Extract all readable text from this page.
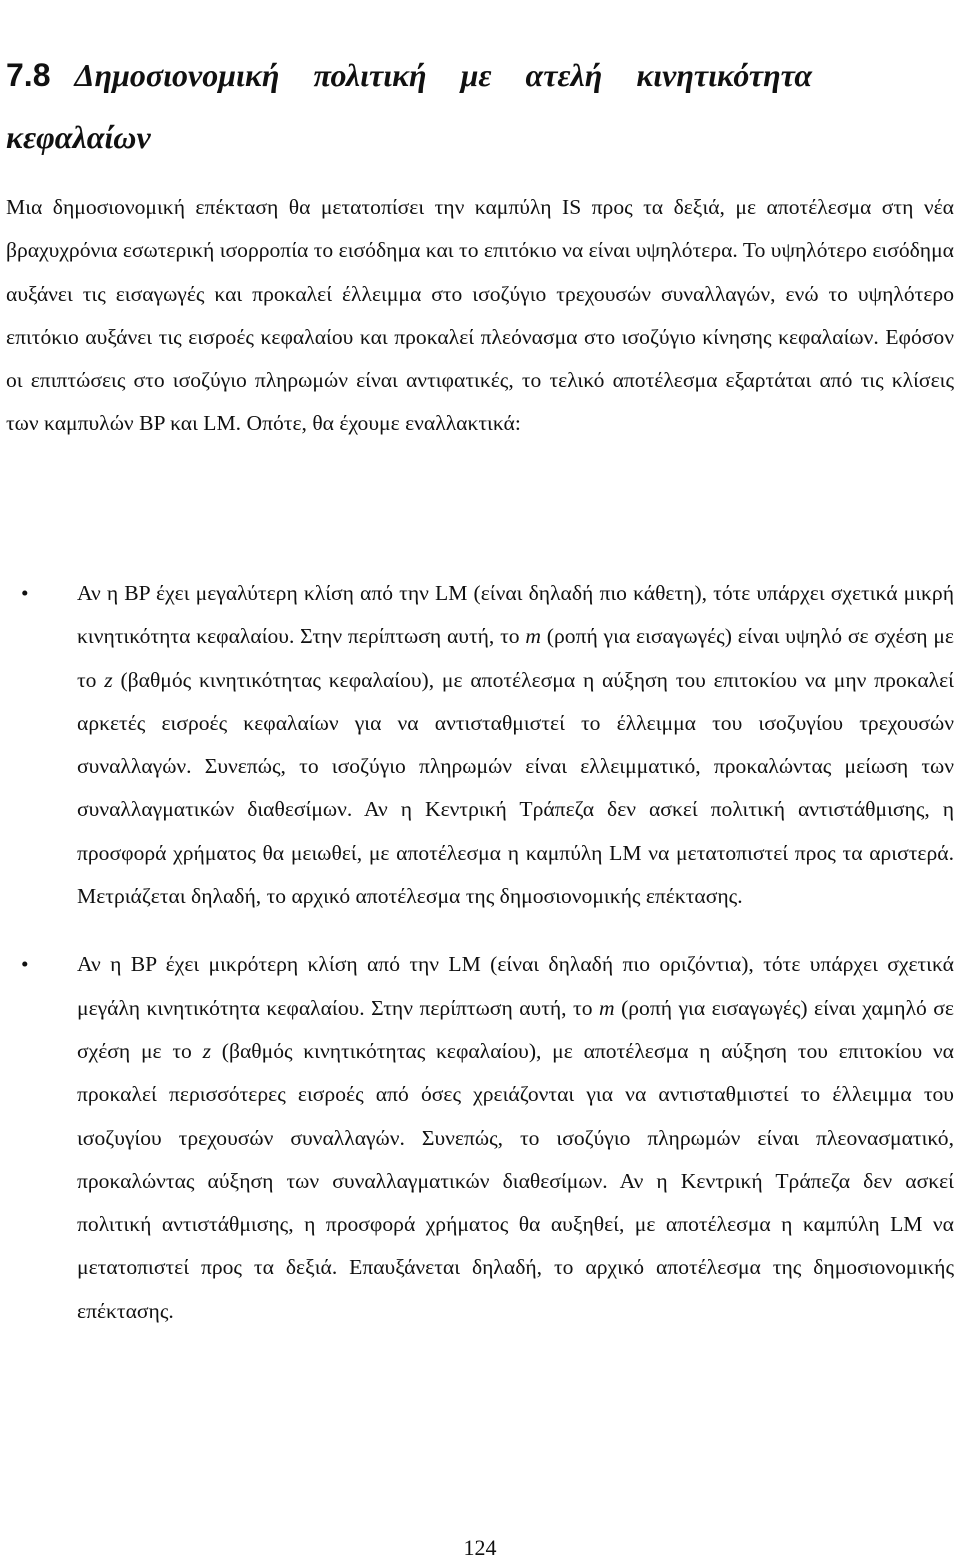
7.8 Δημοσιονομική πολιτική με ατελή κινητικότητα κεφαλαίων

Μια δημοσιονομική επέκταση θα μετατοπίσει την καμπύλη IS προς τα δεξιά, με αποτέλεσμα στη νέα βραχυχρόνια εσωτερική ισορροπία το εισόδημα και το επιτόκιο να είναι υψηλότερα. Το υψηλότερο εισόδημα αυξάνει τις εισαγωγές και προκαλεί έλλειμμα στο ισοζύγιο τρεχουσών συναλλαγών, ενώ το υψηλότερο επιτόκιο αυξάνει τις εισροές κεφαλαίου και προκαλεί πλεόνασμα στο ισοζύγιο κίνησης κεφαλαίων. Εφόσον οι επιπτώσεις στο ισοζύγιο πληρωμών είναι αντιφατικές, το τελικό αποτέλεσμα εξαρτάται από τις κλίσεις των καμπυλών BP και LM. Οπότε, θα έχουμε εναλλακτικά:

• Αν η BP έχει μεγαλύτερη κλίση από την LM (είναι δηλαδή πιο κάθετη), τότε υπάρχει σχετικά μικρή κινητικότητα κεφαλαίου. Στην περίπτωση αυτή, το m (ροπή για εισαγωγές) είναι υψηλό σε σχέση με το z (βαθμός κινητικότητας κεφαλαίου), με αποτέλεσμα η αύξηση του επιτοκίου να μην προκαλεί αρκετές εισροές κεφαλαίων για να αντισταθμιστεί το έλλειμμα του ισοζυγίου τρεχουσών συναλλαγών. Συνεπώς, το ισοζύγιο πληρωμών είναι ελλειμματικό, προκαλώντας μείωση των συναλλαγματικών διαθεσίμων. Αν η Κεντρική Τράπεζα δεν ασκεί πολιτική αντιστάθμισης, η προσφορά χρήματος θα μειωθεί, με αποτέλεσμα η καμπύλη LM να μετατοπιστεί προς τα αριστερά. Μετριάζεται δηλαδή, το αρχικό αποτέλεσμα της δημοσιονομικής επέκτασης.
• Αν η BP έχει μικρότερη κλίση από την LM (είναι δηλαδή πιο οριζόντια), τότε υπάρχει σχετικά μεγάλη κινητικότητα κεφαλαίου. Στην περίπτωση αυτή, το m (ροπή για εισαγωγές) είναι χαμηλό σε σχέση με το z (βαθμός κινητικότητας κεφαλαίου), με αποτέλεσμα η αύξηση του επιτοκίου να προκαλεί περισσότερες εισροές από όσες χρειάζονται για να αντισταθμιστεί το έλλειμμα του ισοζυγίου τρεχουσών συναλλαγών. Συνεπώς, το ισοζύγιο πληρωμών είναι πλεονασματικό, προκαλώντας αύξηση των συναλλαγματικών διαθεσίμων. Αν η Κεντρική Τράπεζα δεν ασκεί πολιτική αντιστάθμισης, η προσφορά χρήματος θα αυξηθεί, με αποτέλεσμα η καμπύλη LM να μετατοπιστεί προς τα δεξιά. Επαυξάνεται δηλαδή, το αρχικό αποτέλεσμα της δημοσιονομικής επέκτασης.
124
